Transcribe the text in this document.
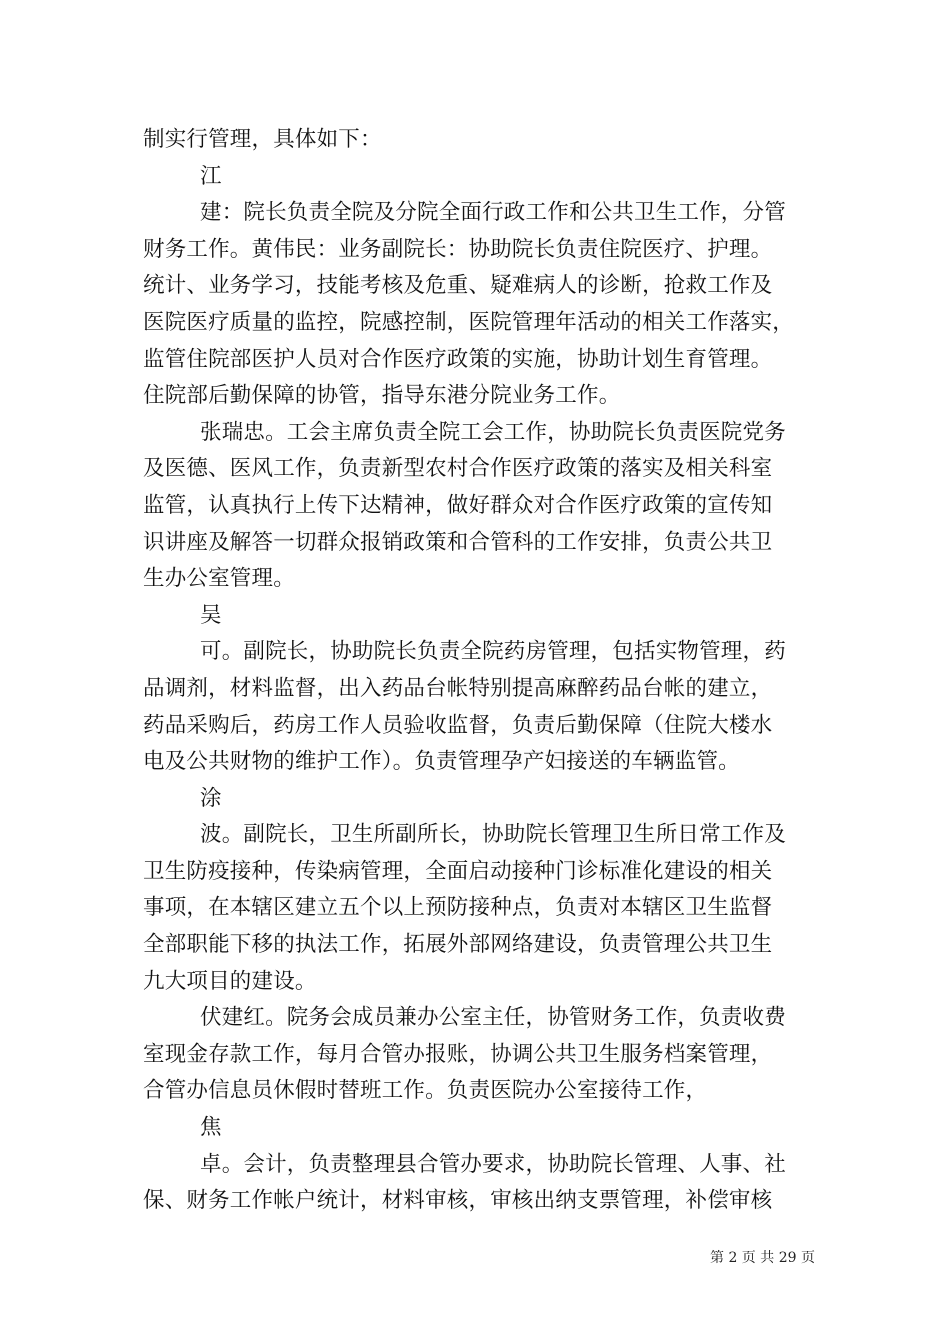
制实行管理，具体如下：
江
建：院长负责全院及分院全面行政工作和公共卫生工作，分管
财务工作。黄伟民：业务副院长：协助院长负责住院医疗、护理。
统计、业务学习，技能考核及危重、疑难病人的诊断，抢救工作及
医院医疗质量的监控，院感控制，医院管理年活动的相关工作落实，
监管住院部医护人员对合作医疗政策的实施，协助计划生育管理。
住院部后勤保障的协管，指导东港分院业务工作。
张瑞忠。工会主席负责全院工会工作，协助院长负责医院党务
及医德、医风工作，负责新型农村合作医疗政策的落实及相关科室
监管，认真执行上传下达精神，做好群众对合作医疗政策的宣传知
识讲座及解答一切群众报销政策和合管科的工作安排，负责公共卫
生办公室管理。
吴
可。副院长，协助院长负责全院药房管理，包括实物管理，药
品调剂，材料监督，出入药品台帐特别提高麻醉药品台帐的建立，
药品采购后，药房工作人员验收监督，负责后勤保障（住院大楼水
电及公共财物的维护工作）。负责管理孕产妇接送的车辆监管。
涂
波。副院长，卫生所副所长，协助院长管理卫生所日常工作及
卫生防疫接种，传染病管理，全面启动接种门诊标准化建设的相关
事项，在本辖区建立五个以上预防接种点，负责对本辖区卫生监督
全部职能下移的执法工作，拓展外部网络建设，负责管理公共卫生
九大项目的建设。
伏建红。院务会成员兼办公室主任，协管财务工作，负责收费
室现金存款工作，每月合管办报账，协调公共卫生服务档案管理，
合管办信息员休假时替班工作。负责医院办公室接待工作，
焦
卓。会计，负责整理县合管办要求，协助院长管理、人事、社
保、财务工作帐户统计，材料审核，审核出纳支票管理，补偿审核
第 2 页 共 29 页
